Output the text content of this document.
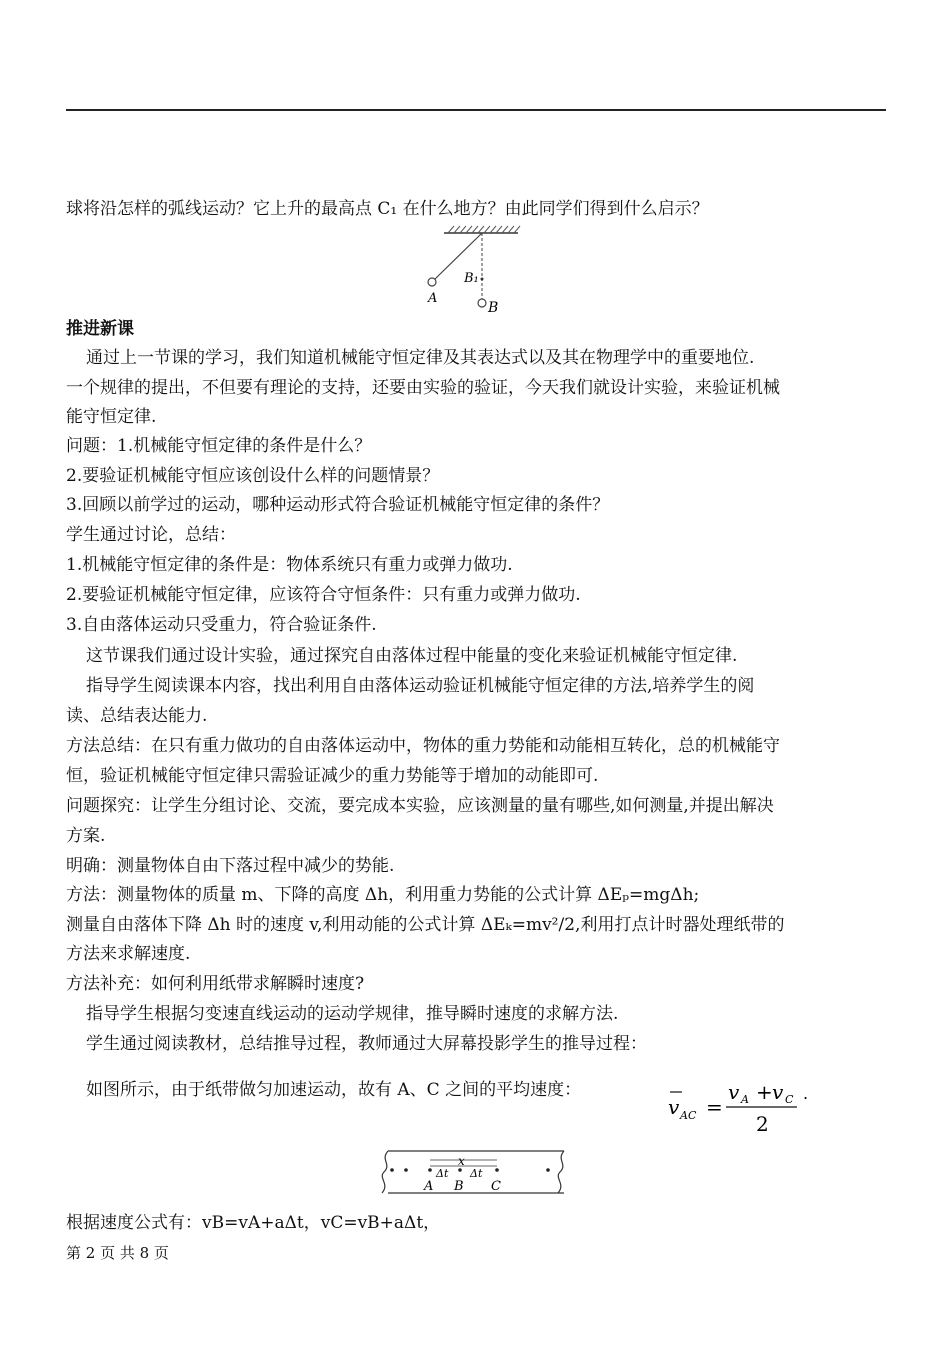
球将沿怎样的弧线运动？它上升的最高点 C₁ 在什么地方？由此同学们得到什么启示？
A
B₁
B
推进新课
通过上一节课的学习，我们知道机械能守恒定律及其表达式以及其在物理学中的重要地位.
一个规律的提出，不但要有理论的支持，还要由实验的验证，今天我们就设计实验，来验证机械
能守恒定律.
问题：1.机械能守恒定律的条件是什么？
2.要验证机械能守恒应该创设什么样的问题情景？
3.回顾以前学过的运动，哪种运动形式符合验证机械能守恒定律的条件？
学生通过讨论，总结：
1.机械能守恒定律的条件是：物体系统只有重力或弹力做功.
2.要验证机械能守恒定律，应该符合守恒条件：只有重力或弹力做功.
3.自由落体运动只受重力，符合验证条件.
这节课我们通过设计实验，通过探究自由落体过程中能量的变化来验证机械能守恒定律.
指导学生阅读课本内容，找出利用自由落体运动验证机械能守恒定律的方法,培养学生的阅
读、总结表达能力.
方法总结：在只有重力做功的自由落体运动中，物体的重力势能和动能相互转化，总的机械能守
恒，验证机械能守恒定律只需验证减少的重力势能等于增加的动能即可.
问题探究：让学生分组讨论、交流，要完成本实验，应该测量的量有哪些,如何测量,并提出解决
方案.
明确：测量物体自由下落过程中减少的势能.
方法：测量物体的质量 m、下降的高度 Δh，利用重力势能的公式计算 ΔEₚ=mgΔh;
测量自由落体下降 Δh 时的速度 v,利用动能的公式计算 ΔEₖ=mv²/2,利用打点计时器处理纸带的
方法来求解速度.
方法补充：如何利用纸带求解瞬时速度?
指导学生根据匀变速直线运动的运动学规律，推导瞬时速度的求解方法.
学生通过阅读教材，总结推导过程，教师通过大屏幕投影学生的推导过程：
如图所示，由于纸带做匀加速运动，故有 A、C 之间的平均速度：
v AC =
v A + v C
2
.
x
Δt Δt
A B C
根据速度公式有：vB=vA+aΔt，vC=vB+aΔt，
第 2 页 共 8 页
